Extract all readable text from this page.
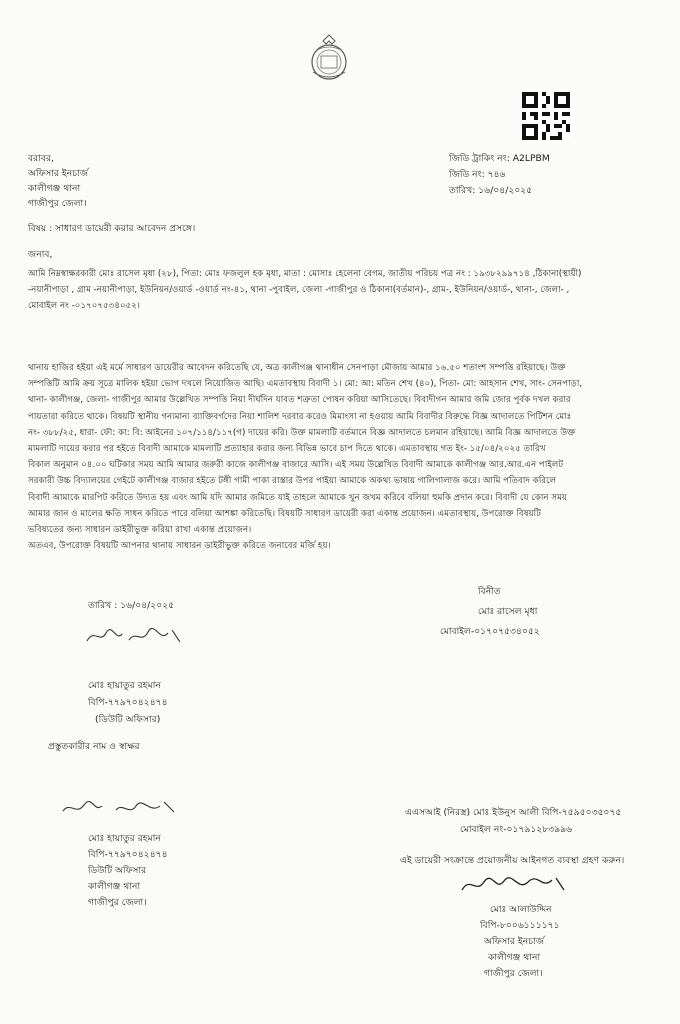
জিডি ট্রাকিং নং: A2LPBM
জিডি নং: ৭৪৬
তারিখ: ১৬/০৪/২০২৫
বরাবর,
অফিসার ইনচার্জ
কালীগঞ্জ থানা
গাজীপুর জেলা।
বিষয় : সাধারণ ডায়েরী করার আবেদন প্রসঙ্গে।
জনাব,
আমি নিম্নস্বাক্ষরকারী মোঃ রাসেল মৃধা (২৮), পিতা: মোঃ ফজলুল হক মৃধা, মাতা : মোসাঃ হেলেনা বেগম, জাতীয় পরিচয় পত্র নং : ১৯৩৮২৯৯৭১৪ ,ঠিকানা(স্থায়ী)
-নয়ানীপাড়া , গ্রাম -নয়ানীপাড়া, ইউনিয়ন/ওয়ার্ড -ওয়ার্ড নং-৪১, থানা -পুবাইল, জেলা -গাজীপুর ও ঠিকানা(বর্তমান)-, গ্রাম-, ইউনিয়ন/ওয়ার্ড-, থানা-, জেলা- ,
মোবাইল নং -০১৭০৭৫৩৪০৫২।
থানায় হাজির হইয়া এই মর্মে সাধারণ ডায়েরীর আবেদন করিতেছি যে, অত্র কালীগঞ্জ থানাধীন সেনপাড়া মৌজায় আমার ১৬.৫০ শতাংশ সম্পত্তি রহিয়াছে। উক্ত
সম্পত্তিটি আমি ক্রয় সূত্রে মালিক হইয়া ভোগ দখলে নিয়োজিত আছি। এমতাবস্থায় বিবাদী ১। মো: আ: মতিন শেখ (৪০), পিতা- মো: আহসান শেখ, সাং- সেনপাড়া,
থানা- কালীগঞ্জ, জেলা- গাজীপুর আমার উল্লেখিত সম্পত্তি নিয়া দীর্ঘদিন যাবত শত্রুতা পোষন করিয়া আসিতেছে। বিবাদীগন আমার জমি জোর পূর্বক দখল করার
পায়তারা করিতে থাকে। বিষয়টি স্থানীয় গন্যমান্য ব্যাক্তিবর্গদের নিয়া শালিশ দরবার করেও মিমাংসা না হওয়ায় আমি বিবাদীর বিরুদ্ধে বিজ্ঞ আদালতে পিটিশন মোঃ
নং- ৩৮৮/২৫, ধারা- ফৌ: কা: বি: আইনের ১০৭/১১৪/১১৭(গ) দায়ের করি। উক্ত মামলাটি বর্তমানে বিজ্ঞ আদালতে চলমান রহিয়াছে। আমি বিজ্ঞ আদালতে উক্ত
মামলাটি দায়ের করার পর হইতে বিবাদী আমাকে মামলাটি প্রত্যাহার করার জন্য বিভিন্ন ভাবে চাপ দিতে থাকে। এমতাবস্থায় গত ইং- ১৫/০৪/২০২৫ তারিখ
বিকাল অনুমান ০৪.০০ ঘটিকার সময় আমি আমার জরুরী কাজে কালীগঞ্জ বাজারে আসি। এই সময় উল্লেখিত বিবাদী আমাকে কালীগঞ্জ আর.আর.এন পাইলট
সরকারী উচ্চ বিদ্যালয়ের গেইটে কালীগঞ্জ বাজার হইতে টঙ্গী গামী পাকা রাস্তার উপর পাইয়া আমাকে অকথ্য ভাষায় গালিগালাজ করে। আমি পতিবাদ করিলে
বিবাদী আমাকে মারপিট করিতে উদ্যত হয় এবং আমি যদি আমার জমিতে যাই তাহলে আমাকে খুন জখম করিবে বলিয়া হুমকি প্রদান করে। বিবাদী যে কোন সময়
আমার জান ও মালের ক্ষতি সাধন করিতে পারে বলিয়া আশঙ্কা করিতেছি। বিষয়টি সাধারণ ডায়েরী করা একান্ত প্রয়োজন। এমতাবস্থায়, উপরোক্ত বিষয়টি
ভবিষ্যতের জন্য সাধারন ডাইরীভুক্ত করিয়া রাখা একান্ত প্রয়োজন।
অতএব, উপরোক্ত বিষয়টি আপনার থানায় সাধারন ডাইরীভুক্ত করিতে জনাবের মর্জি হয়।
বিনীত
মোঃ রাসেল মৃধা
মোবাইল-০১৭০৭৫৩৪০৫২
তারিখ : ১৬/০৪/২০২৫
মোঃ হায়াতুর রহমান
বিপি-৭৭৯৭০৪২৪৭৪
(ডিউটি অফিসার)
প্রস্তুতকারীর নাম ও স্বাক্ষর
মোঃ হায়াতুর রহমান
বিপি-৭৭৯৭০৪২৪৭৪
ডিউটি অফিসার
কালীগঞ্জ থানা
গাজীপুর জেলা।
এএসআই (নিরস্ত্র) মোঃ ইউনুস আলী বিপি-৭৫৯৫০৩৫০৭৫
মোবাইল নং-০১৭৯১২৮৩৯৯৬
এই ডায়েরী সংক্রান্তে প্রয়োজনীয় আইনগত ব্যবস্থা গ্রহণ করুন।
মোঃ আলাউদ্দিন
বিপি-৮০০৬১১১১৭১
অফিসার ইনচার্জ
কালীগঞ্জ থানা
গাজীপুর জেলা।
